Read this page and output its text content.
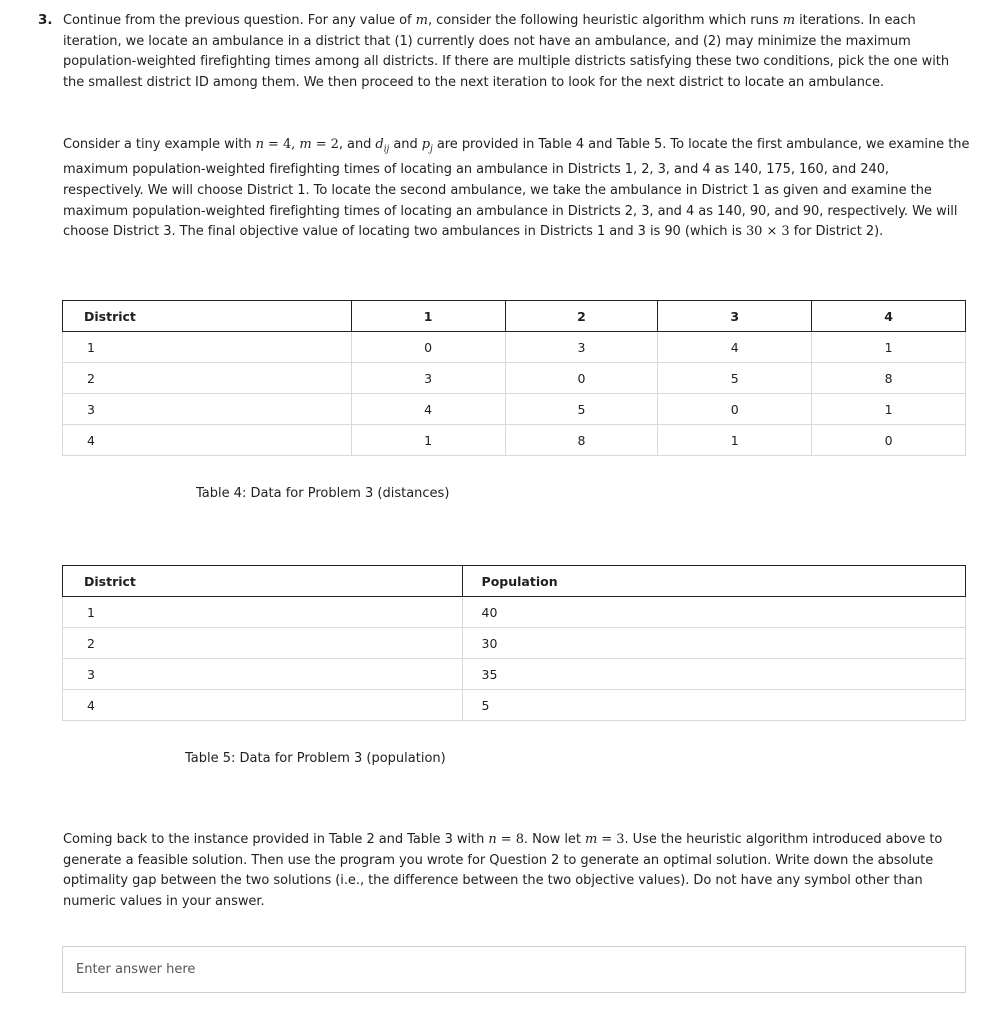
3. Continue from the previous question. For any value of m, consider the following heuristic algorithm which runs m iterations. In each iteration, we locate an ambulance in a district that (1) currently does not have an ambulance, and (2) may minimize the maximum population-weighted firefighting times among all districts. If there are multiple districts satisfying these two conditions, pick the one with the smallest district ID among them. We then proceed to the next iteration to look for the next district to locate an ambulance.
Consider a tiny example with n = 4, m = 2, and $d_{ij}$ and $p_j$ are provided in Table 4 and Table 5. To locate the first ambulance, we examine the maximum population-weighted firefighting times of locating an ambulance in Districts 1, 2, 3, and 4 as 140, 175, 160, and 240, respectively. We will choose District 1. To locate the second ambulance, we take the ambulance in District 1 as given and examine the maximum population-weighted firefighting times of locating an ambulance in Districts 2, 3, and 4 as 140, 90, and 90, respectively. We will choose District 3. The final objective value of locating two ambulances in Districts 1 and 3 is 90 (which is 30 × 3 for District 2).
District	1	2	3	4
1	0	3	4	1
2	3	0	5	8
3	4	5	0	1
4	1	8	1	0
Table 4: Data for Problem 3 (distances)
District	Population
1	40
2	30
3	35
4	5
Table 5: Data for Problem 3 (population)
Coming back to the instance provided in Table 2 and Table 3 with n = 8. Now let m = 3. Use the heuristic algorithm introduced above to generate a feasible solution. Then use the program you wrote for Question 2 to generate an optimal solution. Write down the absolute optimality gap between the two solutions (i.e., the difference between the two objective values). Do not have any symbol other than numeric values in your answer.
Enter answer here
